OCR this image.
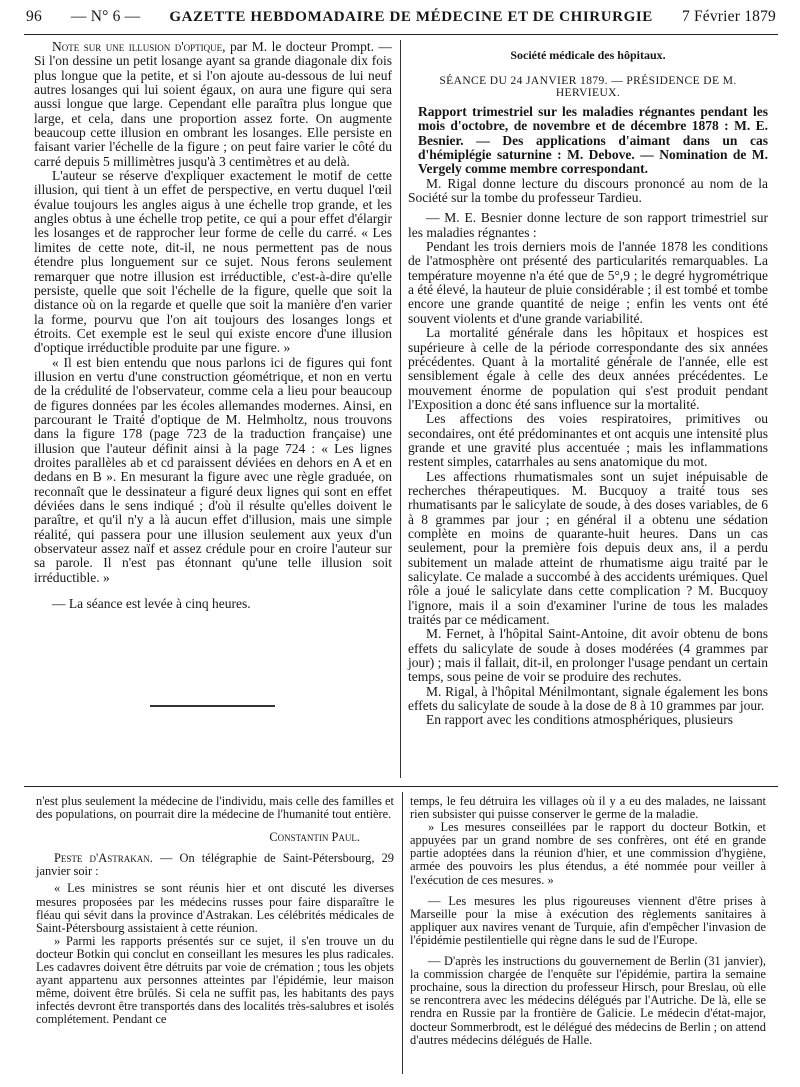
96 — N° 6 — GAZETTE HEBDOMADAIRE DE MÉDECINE ET DE CHIRURGIE 7 Février 1879

Note sur une illusion d'optique, par M. le docteur Prompt. — Si l'on dessine un petit losange ayant sa grande diagonale dix fois plus longue que la petite, et si l'on ajoute au-dessous de lui neuf autres losanges qui lui soient égaux, on aura une figure qui sera aussi longue que large. Cependant elle paraîtra plus longue que large, et cela, dans une proportion assez forte. On augmente beaucoup cette illusion en ombrant les losanges. Elle persiste en faisant varier l'échelle de la figure ; on peut faire varier le côté du carré depuis 5 millimètres jusqu'à 3 centimètres et au delà.

L'auteur se réserve d'expliquer exactement le motif de cette illusion, qui tient à un effet de perspective, en vertu duquel l'œil évalue toujours les angles aigus à une échelle trop grande, et les angles obtus à une échelle trop petite, ce qui a pour effet d'élargir les losanges et de rapprocher leur forme de celle du carré. « Les limites de cette note, dit-il, ne nous permettent pas de nous étendre plus longuement sur ce sujet. Nous ferons seulement remarquer que notre illusion est irréductible, c'est-à-dire qu'elle persiste, quelle que soit l'échelle de la figure, quelle que soit la distance où on la regarde et quelle que soit la manière d'en varier la forme, pourvu que l'on ait toujours des losanges longs et étroits. Cet exemple est le seul qui existe encore d'une illusion d'optique irréductible produite par une figure. »

« Il est bien entendu que nous parlons ici de figures qui font illusion en vertu d'une construction géométrique, et non en vertu de la crédulité de l'observateur, comme cela a lieu pour beaucoup de figures données par les écoles allemandes modernes. Ainsi, en parcourant le Traité d'optique de M. Helmholtz, nous trouvons dans la figure 178 (page 723 de la traduction française) une illusion que l'auteur définit ainsi à la page 724 : « Les lignes droites parallèles ab et cd paraissent déviées en dehors en A et en dedans en B ». En mesurant la figure avec une règle graduée, on reconnaît que le dessinateur a figuré deux lignes qui sont en effet déviées dans le sens indiqué ; d'où il résulte qu'elles doivent le paraître, et qu'il n'y a là aucun effet d'illusion, mais une simple réalité, qui passera pour une illusion seulement aux yeux d'un observateur assez naïf et assez crédule pour en croire l'auteur sur sa parole. Il n'est pas étonnant qu'une telle illusion soit irréductible. »

— La séance est levée à cinq heures.

Société médicale des hôpitaux.
SÉANCE DU 24 JANVIER 1879. — PRÉSIDENCE DE M. HERVIEUX.

Rapport trimestriel sur les maladies régnantes pendant les mois d'octobre, de novembre et de décembre 1878 : M. E. Besnier. — Des applications d'aimant dans un cas d'hémiplégie saturnine : M. Debove. — Nomination de M. Vergely comme membre correspondant.

M. Rigal donne lecture du discours prononcé au nom de la Société sur la tombe du professeur Tardieu.

— M. E. Besnier donne lecture de son rapport trimestriel sur les maladies régnantes :

Pendant les trois derniers mois de l'année 1878 les conditions de l'atmosphère ont présenté des particularités remarquables. La température moyenne n'a été que de 5°,9 ; le degré hygrométrique a été élevé, la hauteur de pluie considérable ; il est tombé et tombe encore une grande quantité de neige ; enfin les vents ont été souvent violents et d'une grande variabilité.

La mortalité générale dans les hôpitaux et hospices est supérieure à celle de la période correspondante des six années précédentes. Quant à la mortalité générale de l'année, elle est sensiblement égale à celle des deux années précédentes. Le mouvement énorme de population qui s'est produit pendant l'Exposition a donc été sans influence sur la mortalité.

Les affections des voies respiratoires, primitives ou secondaires, ont été prédominantes et ont acquis une intensité plus grande et une gravité plus accentuée ; mais les inflammations restent simples, catarrhales au sens anatomique du mot.

Les affections rhumatismales sont un sujet inépuisable de recherches thérapeutiques. M. Bucquoy a traité tous ses rhumatisants par le salicylate de soude, à des doses variables, de 6 à 8 grammes par jour ; en général il a obtenu une sédation complète en moins de quarante-huit heures. Dans un cas seulement, pour la première fois depuis deux ans, il a perdu subitement un malade atteint de rhumatisme aigu traité par le salicylate. Ce malade a succombé à des accidents urémiques. Quel rôle a joué le salicylate dans cette complication ? M. Bucquoy l'ignore, mais il a soin d'examiner l'urine de tous les malades traités par ce médicament.

M. Fernet, à l'hôpital Saint-Antoine, dit avoir obtenu de bons effets du salicylate de soude à doses modérées (4 grammes par jour) ; mais il fallait, dit-il, en prolonger l'usage pendant un certain temps, sous peine de voir se produire des rechutes.

M. Rigal, à l'hôpital Ménilmontant, signale également les bons effets du salicylate de soude à la dose de 8 à 10 grammes par jour.

En rapport avec les conditions atmosphériques, plusieurs

n'est plus seulement la médecine de l'individu, mais celle des familles et des populations, on pourrait dire la médecine de l'humanité tout entière.

Constantin Paul.

Peste d'Astrakan. — On télégraphie de Saint-Pétersbourg, 29 janvier soir :

« Les ministres se sont réunis hier et ont discuté les diverses mesures proposées par les médecins russes pour faire disparaître le fléau qui sévit dans la province d'Astrakan. Les célébrités médicales de Saint-Pétersbourg assistaient à cette réunion.

» Parmi les rapports présentés sur ce sujet, il s'en trouve un du docteur Botkin qui conclut en conseillant les mesures les plus radicales. Les cadavres doivent être détruits par voie de crémation ; tous les objets ayant appartenu aux personnes atteintes par l'épidémie, leur maison même, doivent être brûlés. Si cela ne suffit pas, les habitants des pays infectés devront être transportés dans des localités très-salubres et isolés complétement. Pendant ce

temps, le feu détruira les villages où il y a eu des malades, ne laissant rien subsister qui puisse conserver le germe de la maladie.

» Les mesures conseillées par le rapport du docteur Botkin, et appuyées par un grand nombre de ses confrères, ont été en grande partie adoptées dans la réunion d'hier, et une commission d'hygiène, armée des pouvoirs les plus étendus, a été nommée pour veiller à l'exécution de ces mesures. »

— Les mesures les plus rigoureuses viennent d'être prises à Marseille pour la mise à exécution des règlements sanitaires à appliquer aux navires venant de Turquie, afin d'empêcher l'invasion de l'épidémie pestilentielle qui règne dans le sud de l'Europe.

— D'après les instructions du gouvernement de Berlin (31 janvier), la commission chargée de l'enquête sur l'épidémie, partira la semaine prochaine, sous la direction du professeur Hirsch, pour Breslau, où elle se rencontrera avec les médecins délégués par l'Autriche. De là, elle se rendra en Russie par la frontière de Galicie. Le médecin d'état-major, docteur Sommerbrodt, est le délégué des médecins de Berlin ; on attend d'autres médecins délégués de Halle.
